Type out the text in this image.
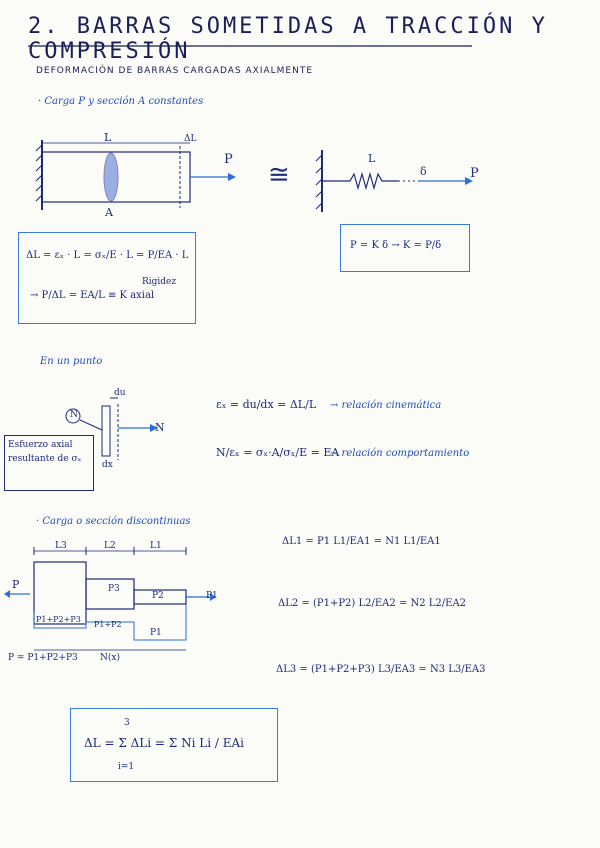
2. BARRAS SOMETIDAS A TRACCIÓN Y COMPRESIÓN
DEFORMACIÓN DE BARRAS CARGADAS AXIALMENTE
· Carga P y sección A constantes
L	ΔL
P
A
≅
L
δ	P
ΔL = εₓ · L = σₓ/E · L = P/EA · L
→ P/ΔL = EA/L ≡ K axial
Rigidez
P = K δ → K = P/δ
En un punto
N
N
du
dx
Esfuerzo axial resultante de σₓ
εₓ = du/dx = ΔL/L → relación cinemática
N/εₓ = σₓ·A/σₓ/E = EA
→ relación comportamiento
· Carga o sección discontinuas
L3	L2	L1
P	P3
P2	P1
P1+P2+P3
P1+P2
P1
P = P1+P2+P3 N(x)
ΔL1 = P1 L1/EA1 = N1 L1/EA1
ΔL2 = (P1+P2) L2/EA2 = N2 L2/EA2
ΔL3 = (P1+P2+P3) L3/EA3 = N3 L3/EA3
3
ΔL = Σ ΔLi = Σ Ni Li / EAi
i=1
